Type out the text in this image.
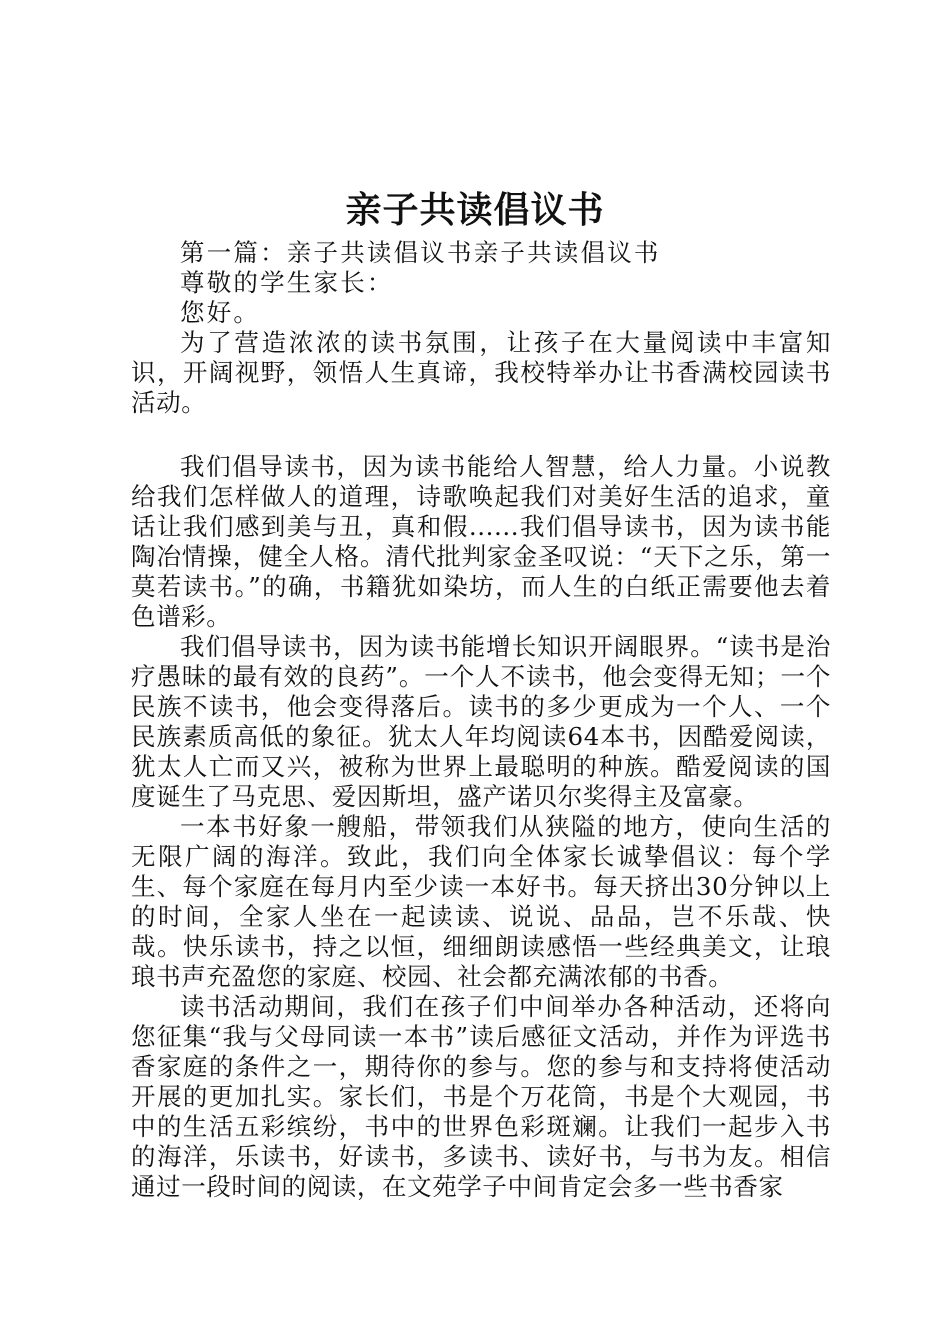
亲子共读倡议书

第一篇：亲子共读倡议书亲子共读倡议书

尊敬的学生家长：

您好。

为了营造浓浓的读书氛围，让孩子在大量阅读中丰富知识，开阔视野，领悟人生真谛，我校特举办让书香满校园读书活动。

我们倡导读书，因为读书能给人智慧，给人力量。小说教给我们怎样做人的道理，诗歌唤起我们对美好生活的追求，童话让我们感到美与丑，真和假......我们倡导读书，因为读书能陶冶情操，健全人格。清代批判家金圣叹说：“天下之乐，第一莫若读书。”的确，书籍犹如染坊，而人生的白纸正需要他去着色谱彩。

我们倡导读书，因为读书能增长知识开阔眼界。“读书是治疗愚昧的最有效的良药”。一个人不读书，他会变得无知；一个民族不读书，他会变得落后。读书的多少更成为一个人、一个民族素质高低的象征。犹太人年均阅读64本书，因酷爱阅读，犹太人亡而又兴，被称为世界上最聪明的种族。酷爱阅读的国度诞生了马克思、爱因斯坦，盛产诺贝尔奖得主及富豪。

一本书好象一艘船，带领我们从狭隘的地方，使向生活的无限广阔的海洋。致此，我们向全体家长诚挚倡议：每个学生、每个家庭在每月内至少读一本好书。每天挤出30分钟以上的时间，全家人坐在一起读读、说说、品品，岂不乐哉、快哉。快乐读书，持之以恒，细细朗读感悟一些经典美文，让琅琅书声充盈您的家庭、校园、社会都充满浓郁的书香。

读书活动期间，我们在孩子们中间举办各种活动，还将向您征集“我与父母同读一本书”读后感征文活动，并作为评选书香家庭的条件之一，期待你的参与。您的参与和支持将使活动开展的更加扎实。家长们，书是个万花筒，书是个大观园，书中的生活五彩缤纷，书中的世界色彩斑斓。让我们一起步入书的海洋，乐读书，好读书，多读书、读好书，与书为友。相信通过一段时间的阅读，在文苑学子中间肯定会多一些书香家
